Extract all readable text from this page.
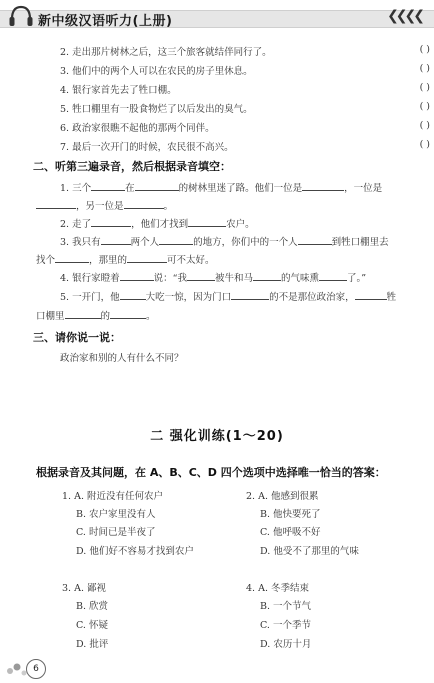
新中级汉语听力(上册)	❮❮❮❮
2. 走出那片树林之后，这三个旅客就结伴同行了。	( )
3. 他们中的两个人可以在农民的房子里休息。	( )
4. 银行家首先去了牲口棚。	( )
5. 牲口棚里有一股食物烂了以后发出的臭气。	( )
6. 政治家很瞧不起他的那两个同伴。	( )
7. 最后一次开门的时候，农民很不高兴。	( )
二、听第三遍录音，然后根据录音填空：
1. 三个	在	的树林里迷了路。他们一位是	，一位是
，另一位是	。
2. 走了	，他们才找到	农户。
3. 我只有	两个人	的地方，你们中的一个人	到牲口棚里去
找个	，那里的	可不太好。
4. 银行家瞪着	说：“我	被牛和马	的气味熏	了。”
5. 一开门，他	大吃一惊，因为门口	的不是那位政治家，	牲
口棚里	的	。
三、请你说一说：
政治家和别的人有什么不同？
二 强化训练(1～20)
根据录音及其问题，在 A、B、C、D 四个选项中选择唯一恰当的答案：
1. A. 附近没有任何农户
B. 农户家里没有人
C. 时间已是半夜了
D. 他们好不容易才找到农户
2. A. 他感到很累
B. 他快要死了
C. 他呼吸不好
D. 他受不了那里的气味
3. A. 鄙视
B. 欣赏
C. 怀疑
D. 批评
4. A. 冬季结束
B. 一个节气
C. 一个季节
D. 农历十月
6
